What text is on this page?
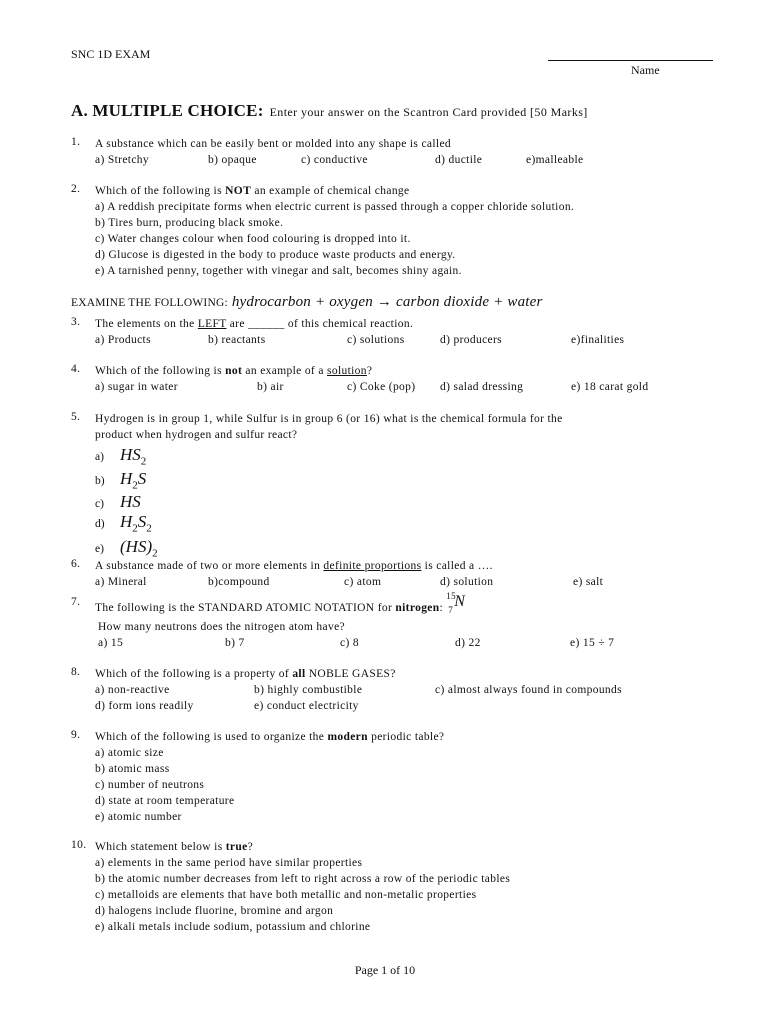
SNC 1D EXAM
Name
A. MULTIPLE CHOICE: Enter your answer on the Scantron Card provided [50 Marks]
1. A substance which can be easily bent or molded into any shape is called
a) Stretchy	b) opaque	c) conductive	d) ductile	e)malleable
2. Which of the following is NOT an example of chemical change
a) A reddish precipitate forms when electric current is passed through a copper chloride solution.
b) Tires burn, producing black smoke.
c) Water changes colour when food colouring is dropped into it.
d) Glucose is digested in the body to produce waste products and energy.
e) A tarnished penny, together with vinegar and salt, becomes shiny again.
EXAMINE THE FOLLOWING: hydrocarbon + oxygen → carbon dioxide + water
3. The elements on the LEFT are ______ of this chemical reaction.
a) Products	b) reactants	c) solutions	d) producers	e)finalities
4. Which of the following is not an example of a solution?
a) sugar in water	b) air	c) Coke (pop) d) salad dressing	e) 18 carat gold
5. Hydrogen is in group 1, while Sulfur is in group 6 (or 16) what is the chemical formula for the
product when hydrogen and sulfur react?
a) $HS_2$
b) $H_2S$
c) HS
d) $H_2S_2$
e) $(HS)_2$
6. A substance made of two or more elements in definite proportions is called a ….
a) Mineral	b)compound	c) atom	d) solution	e) salt
7. The following is the STANDARD ATOMIC NOTATION for nitrogen:
15
7 N
How many neutrons does the nitrogen atom have?
a) 15	b) 7	c) 8	d) 22	e) 15 ÷ 7
8. Which of the following is a property of all NOBLE GASES?
a) non-reactive	b) highly combustible	c) almost always found in compounds
d) form ions readily	e) conduct electricity
9. Which of the following is used to organize the modern periodic table?
a) atomic size
b) atomic mass
c) number of neutrons
d) state at room temperature
e) atomic number
10. Which statement below is true?
a) elements in the same period have similar properties
b) the atomic number decreases from left to right across a row of the periodic tables
c) metalloids are elements that have both metallic and non-metalic properties
d) halogens include fluorine, bromine and argon
e) alkali metals include sodium, potassium and chlorine
Page 1 of 10
